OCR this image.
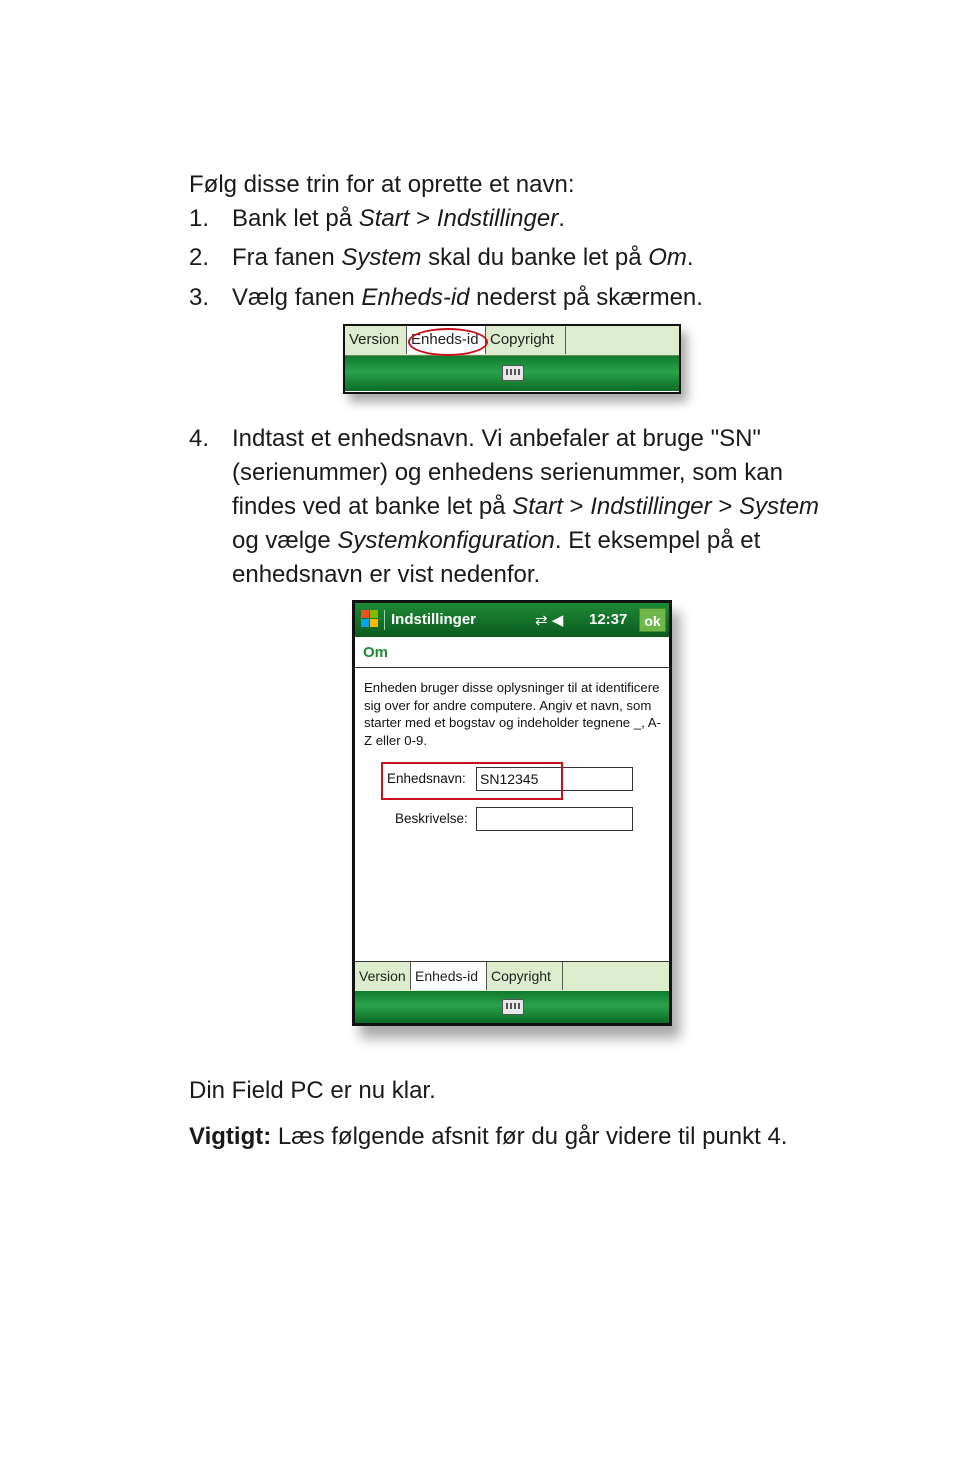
Følg disse trin for at oprette et navn:
1. Bank let på Start > Indstillinger.
2. Fra fanen System skal du banke let på Om.
3. Vælg fanen Enheds-id nederst på skærmen.
4. Indtast et enhedsnavn. Vi anbefaler at bruge "SN" (serienummer) og enhedens serienummer, som kan findes ved at banke let på Start > Indstillinger > System og vælge Systemkonfiguration. Et eksempel på et enhedsnavn er vist nedenfor.
Din Field PC er nu klar.
Vigtigt: Læs følgende afsnit før du går videre til punkt 4.
Version Enheds-id Copyright
Indstillinger	⇄ ◀ 12:37	ok
Om
Enheden bruger disse oplysninger til at identificere sig over for andre computere. Angiv et navn, som starter med et bogstav og indeholder tegnene _, A-Z eller 0-9.
Enhedsnavn: SN12345
Beskrivelse:
Version Enheds-id Copyright
